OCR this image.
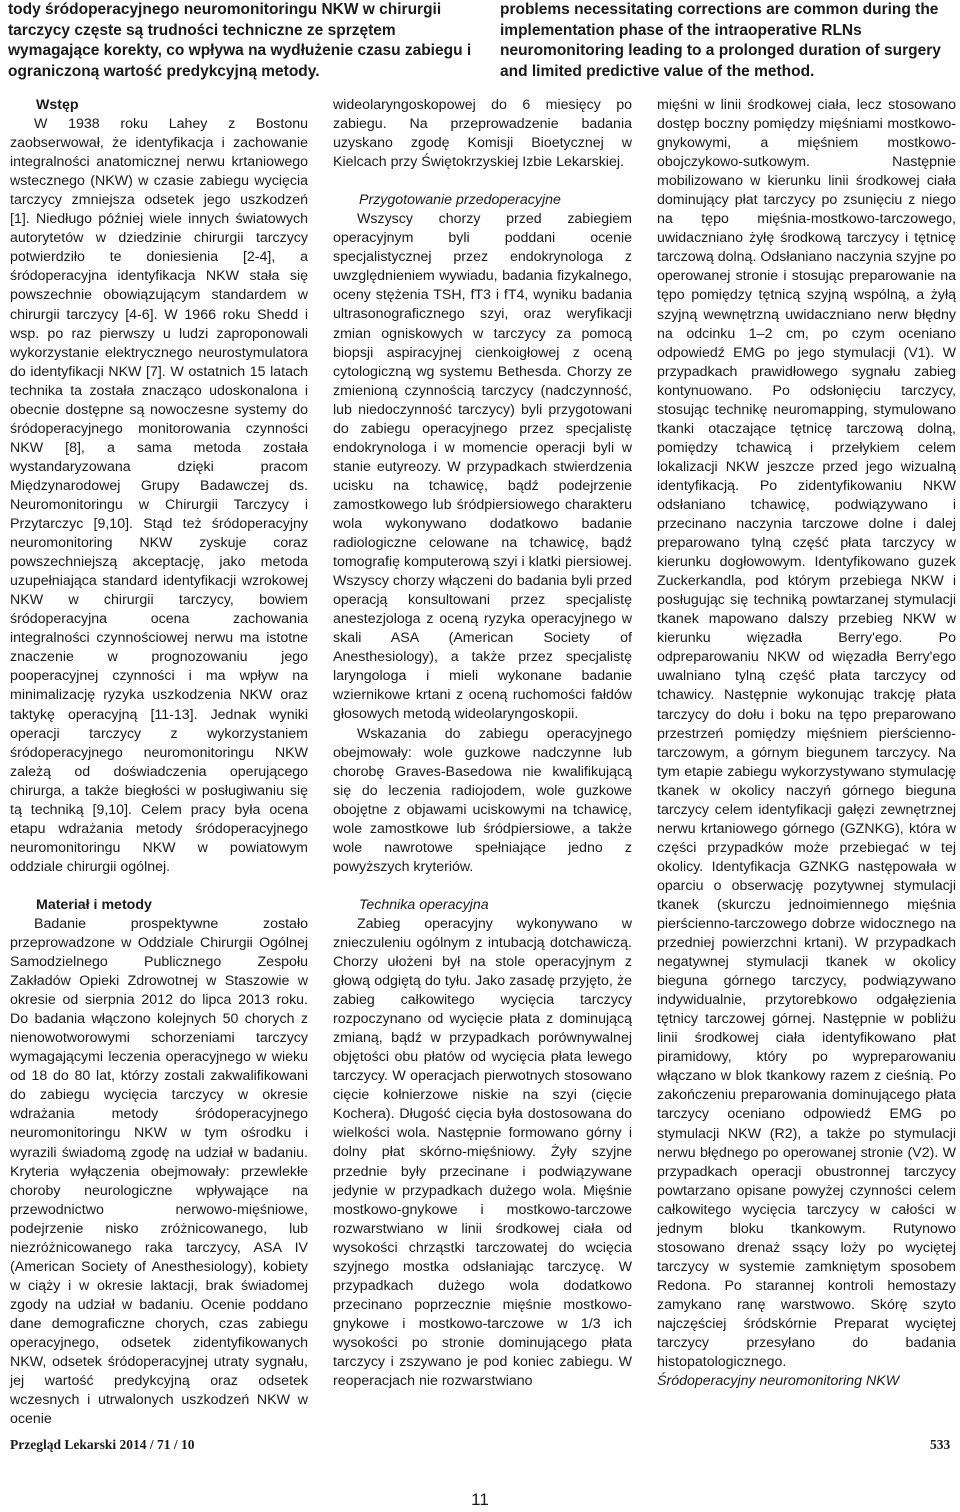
tody śródoperacyjnego neuromonitoringu NKW w chirurgii tarczycy częste są trudności techniczne ze sprzętem wymagające korekty, co wpływa na wydłużenie czasu zabiegu i ograniczoną wartość predykcyjną metody.
problems necessitating corrections are common during the implementation phase of the intraoperative RLNs neuromonitoring leading to a prolonged duration of surgery and limited predictive value of the method.

Wstęp

W 1938 roku Lahey z Bostonu zaobserwował, że identyfikacja i zachowanie integralności anatomicznej nerwu krtaniowego wstecznego (NKW) w czasie zabiegu wycięcia tarczycy zmniejsza odsetek jego uszkodzeń [1]. Niedługo później wiele innych światowych autorytetów w dziedzinie chirurgii tarczycy potwierdziło te doniesienia [2-4], a śródoperacyjna identyfikacja NKW stała się powszechnie obowiązującym standardem w chirurgii tarczycy [4-6]. W 1966 roku Shedd i wsp. po raz pierwszy u ludzi zaproponowali wykorzystanie elektrycznego neurostymulatora do identyfikacji NKW [7]. W ostatnich 15 latach technika ta została znacząco udoskonalona i obecnie dostępne są nowoczesne systemy do śródoperacyjnego monitorowania czynności NKW [8], a sama metoda została wystandaryzowana dzięki pracom Międzynarodowej Grupy Badawczej ds. Neuromonitoringu w Chirurgii Tarczycy i Przytarczyc [9,10]. Stąd też śródoperacyjny neuromonitoring NKW zyskuje coraz powszechniejszą akceptację, jako metoda uzupełniająca standard identyfikacji wzrokowej NKW w chirurgii tarczycy, bowiem śródoperacyjna ocena zachowania integralności czynnościowej nerwu ma istotne znaczenie w prognozowaniu jego pooperacyjnej czynności i ma wpływ na minimalizację ryzyka uszkodzenia NKW oraz taktykę operacyjną [11-13]. Jednak wyniki operacji tarczycy z wykorzystaniem śródoperacyjnego neuromonitoringu NKW zależą od doświadczenia operującego chirurga, a także biegłości w posługiwaniu się tą techniką [9,10]. Celem pracy była ocena etapu wdrażania metody śródoperacyjnego neuromonitoringu NKW w powiatowym oddziale chirurgii ogólnej.

Materiał i metody

Badanie prospektywne zostało przeprowadzone w Oddziale Chirurgii Ogólnej Samodzielnego Publicznego Zespołu Zakładów Opieki Zdrowotnej w Staszowie w okresie od sierpnia 2012 do lipca 2013 roku. Do badania włączono kolejnych 50 chorych z nienowotworowymi schorzeniami tarczycy wymagającymi leczenia operacyjnego w wieku od 18 do 80 lat, którzy zostali zakwalifikowani do zabiegu wycięcia tarczycy w okresie wdrażania metody śródoperacyjnego neuromonitoringu NKW w tym ośrodku i wyrazili świadomą zgodę na udział w badaniu. Kryteria wyłączenia obejmowały: przewlekłe choroby neurologiczne wpływające na przewodnictwo nerwowo-mięśniowe, podejrzenie nisko zróżnicowanego, lub niezróżnicowanego raka tarczycy, ASA IV (American Society of Anesthesiology), kobiety w ciąży i w okresie laktacji, brak świadomej zgody na udział w badaniu. Ocenie poddano dane demograficzne chorych, czas zabiegu operacyjnego, odsetek zidentyfikowanych NKW, odsetek śródoperacyjnej utraty sygnału, jej wartość predykcyjną oraz odsetek wczesnych i utrwalonych uszkodzeń NKW w ocenie

wideolaryngoskopowej do 6 miesięcy po zabiegu. Na przeprowadzenie badania uzyskano zgodę Komisji Bioetycznej w Kielcach przy Świętokrzyskiej Izbie Lekarskiej.

Przygotowanie przedoperacyjne

Wszyscy chorzy przed zabiegiem operacyjnym byli poddani ocenie specjalistycznej przez endokrynologa z uwzględnieniem wywiadu, badania fizykalnego, oceny stężenia TSH, fT3 i fT4, wyniku badania ultrasonograficznego szyi, oraz weryfikacji zmian ogniskowych w tarczycy za pomocą biopsji aspiracyjnej cienkoigłowej z oceną cytologiczną wg systemu Bethesda. Chorzy ze zmienioną czynnością tarczycy (nadczynność, lub niedoczynność tarczycy) byli przygotowani do zabiegu operacyjnego przez specjalistę endokrynologa i w momencie operacji byli w stanie eutyreozy. W przypadkach stwierdzenia ucisku na tchawicę, bądź podejrzenie zamostkowego lub śródpiersiowego charakteru wola wykonywano dodatkowo badanie radiologiczne celowane na tchawicę, bądź tomografię komputerową szyi i klatki piersiowej. Wszyscy chorzy włączeni do badania byli przed operacją konsultowani przez specjalistę anestezjologa z oceną ryzyka operacyjnego w skali ASA (American Society of Anesthesiology), a także przez specjalistę laryngologa i mieli wykonane badanie wziernikowe krtani z oceną ruchomości fałdów głosowych metodą wideolaryngoskopii.

Wskazania do zabiegu operacyjnego obejmowały: wole guzkowe nadczynne lub chorobę Graves-Basedowa nie kwalifikującą się do leczenia radiojodem, wole guzkowe obojętne z objawami uciskowymi na tchawicę, wole zamostkowe lub śródpiersiowe, a także wole nawrotowe spełniające jedno z powyższych kryteriów.

Technika operacyjna

Zabieg operacyjny wykonywano w znieczuleniu ogólnym z intubacją dotchawiczą. Chorzy ułożeni był na stole operacyjnym z głową odgiętą do tyłu. Jako zasadę przyjęto, że zabieg całkowitego wycięcia tarczycy rozpoczynano od wycięcie płata z dominującą zmianą, bądź w przypadkach porównywalnej objętości obu płatów od wycięcia płata lewego tarczycy. W operacjach pierwotnych stosowano cięcie kołnierzowe niskie na szyi (cięcie Kochera). Długość cięcia była dostosowana do wielkości wola. Następnie formowano górny i dolny płat skórno-mięśniowy. Żyły szyjne przednie były przecinane i podwiązywane jedynie w przypadkach dużego wola. Mięśnie mostkowo-gnykowe i mostkowo-tarczowe rozwarstwiano w linii środkowej ciała od wysokości chrząstki tarczowatej do wcięcia szyjnego mostka odsłaniając tarczycę. W przypadkach dużego wola dodatkowo przecinano poprzecznie mięśnie mostkowo-gnykowe i mostkowo-tarczowe w 1/3 ich wysokości po stronie dominującego płata tarczycy i zszywano je pod koniec zabiegu. W reoperacjach nie rozwarstwiano

mięśni w linii środkowej ciała, lecz stosowano dostęp boczny pomiędzy mięśniami mostkowo-gnykowymi, a mięśniem mostkowo-obojczykowo-sutkowym. Następnie mobilizowano w kierunku linii środkowej ciała dominujący płat tarczycy po zsunięciu z niego na tępo mięśnia-mostkowo-tarczowego, uwidaczniano żyłę środkową tarczycy i tętnicę tarczową dolną. Odsłaniano naczynia szyjne po operowanej stronie i stosując preparowanie na tępo pomiędzy tętnicą szyjną wspólną, a żyłą szyjną wewnętrzną uwidaczniano nerw błędny na odcinku 1–2 cm, po czym oceniano odpowiedź EMG po jego stymulacji (V1). W przypadkach prawidłowego sygnału zabieg kontynuowano. Po odsłonięciu tarczycy, stosując technikę neuromapping, stymulowano tkanki otaczające tętnicę tarczową dolną, pomiędzy tchawicą i przełykiem celem lokalizacji NKW jeszcze przed jego wizualną identyfikacją. Po zidentyfikowaniu NKW odsłaniano tchawicę, podwiązywano i przecinano naczynia tarczowe dolne i dalej preparowano tylną część płata tarczycy w kierunku dogłowowym. Identyfikowano guzek Zuckerkandla, pod którym przebiega NKW i posługując się techniką powtarzanej stymulacji tkanek mapowano dalszy przebieg NKW w kierunku więzadła Berry'ego. Po odpreparowaniu NKW od więzadła Berry'ego uwalniano tylną część płata tarczycy od tchawicy. Następnie wykonując trakcję płata tarczycy do dołu i boku na tępo preparowano przestrzeń pomiędzy mięśniem pierścienno-tarczowym, a górnym biegunem tarczycy. Na tym etapie zabiegu wykorzystywano stymulację tkanek w okolicy naczyń górnego bieguna tarczycy celem identyfikacji gałęzi zewnętrznej nerwu krtaniowego górnego (GZNKG), która w części przypadków może przebiegać w tej okolicy. Identyfikacja GZNKG następowała w oparciu o obserwację pozytywnej stymulacji tkanek (skurczu jednoimiennego mięśnia pierścienno-tarczowego dobrze widocznego na przedniej powierzchni krtani). W przypadkach negatywnej stymulacji tkanek w okolicy bieguna górnego tarczycy, podwiązywano indywidualnie, przytorebkowo odgałęzienia tętnicy tarczowej górnej. Następnie w pobliżu linii środkowej ciała identyfikowano płat piramidowy, który po wypreparowaniu włączano w blok tkankowy razem z cieśnią. Po zakończeniu preparowania dominującego płata tarczycy oceniano odpowiedź EMG po stymulacji NKW (R2), a także po stymulacji nerwu błędnego po operowanej stronie (V2). W przypadkach operacji obustronnej tarczycy powtarzano opisane powyżej czynności celem całkowitego wycięcia tarczycy w całości w jednym bloku tkankowym. Rutynowo stosowano drenaż ssący loży po wyciętej tarczycy w systemie zamkniętym sposobem Redona. Po starannej kontroli hemostazy zamykano ranę warstwowo. Skórę szyto najczęściej śródskórnie Preparat wyciętej tarczycy przesyłano do badania histopatologicznego.

Śródoperacyjny neuromonitoring NKW

Przegląd Lekarski 2014 / 71 / 10	533
11
